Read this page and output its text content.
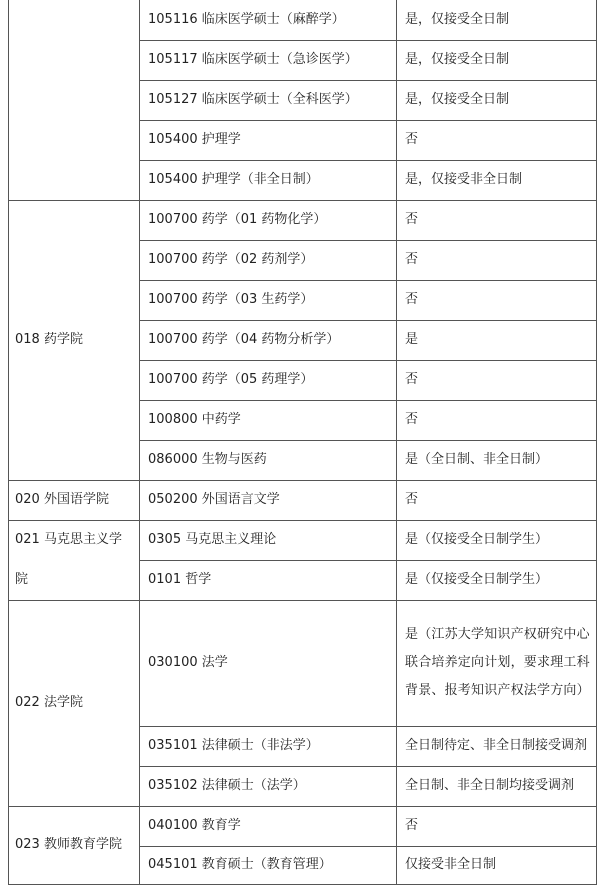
	105116 临床医学硕士（麻醉学）	是，仅接受全日制
	105117 临床医学硕士（急诊医学）	是，仅接受全日制
	105127 临床医学硕士（全科医学）	是，仅接受全日制
	105400 护理学	否
	105400 护理学（非全日制）	是，仅接受非全日制
018 药学院	100700 药学（01 药物化学）	否
	100700 药学（02 药剂学）	否
	100700 药学（03 生药学）	否
	100700 药学（04 药物分析学）	是
	100700 药学（05 药理学）	否
	100800 中药学	否
	086000 生物与医药	是（全日制、非全日制）
020 外国语学院	050200 外国语言文学	否
021 马克思主义学	0305 马克思主义理论	是（仅接受全日制学生）
院	0101 哲学	是（仅接受全日制学生）
022 法学院	030100 法学	是（江苏大学知识产权研究中心联合培养定向计划，要求理工科背景、报考知识产权法学方向）
	035101 法律硕士（非法学）	全日制待定、非全日制接受调剂
	035102 法律硕士（法学）	全日制、非全日制均接受调剂
023 教师教育学院	040100 教育学	否
	045101 教育硕士（教育管理）	仅接受非全日制
